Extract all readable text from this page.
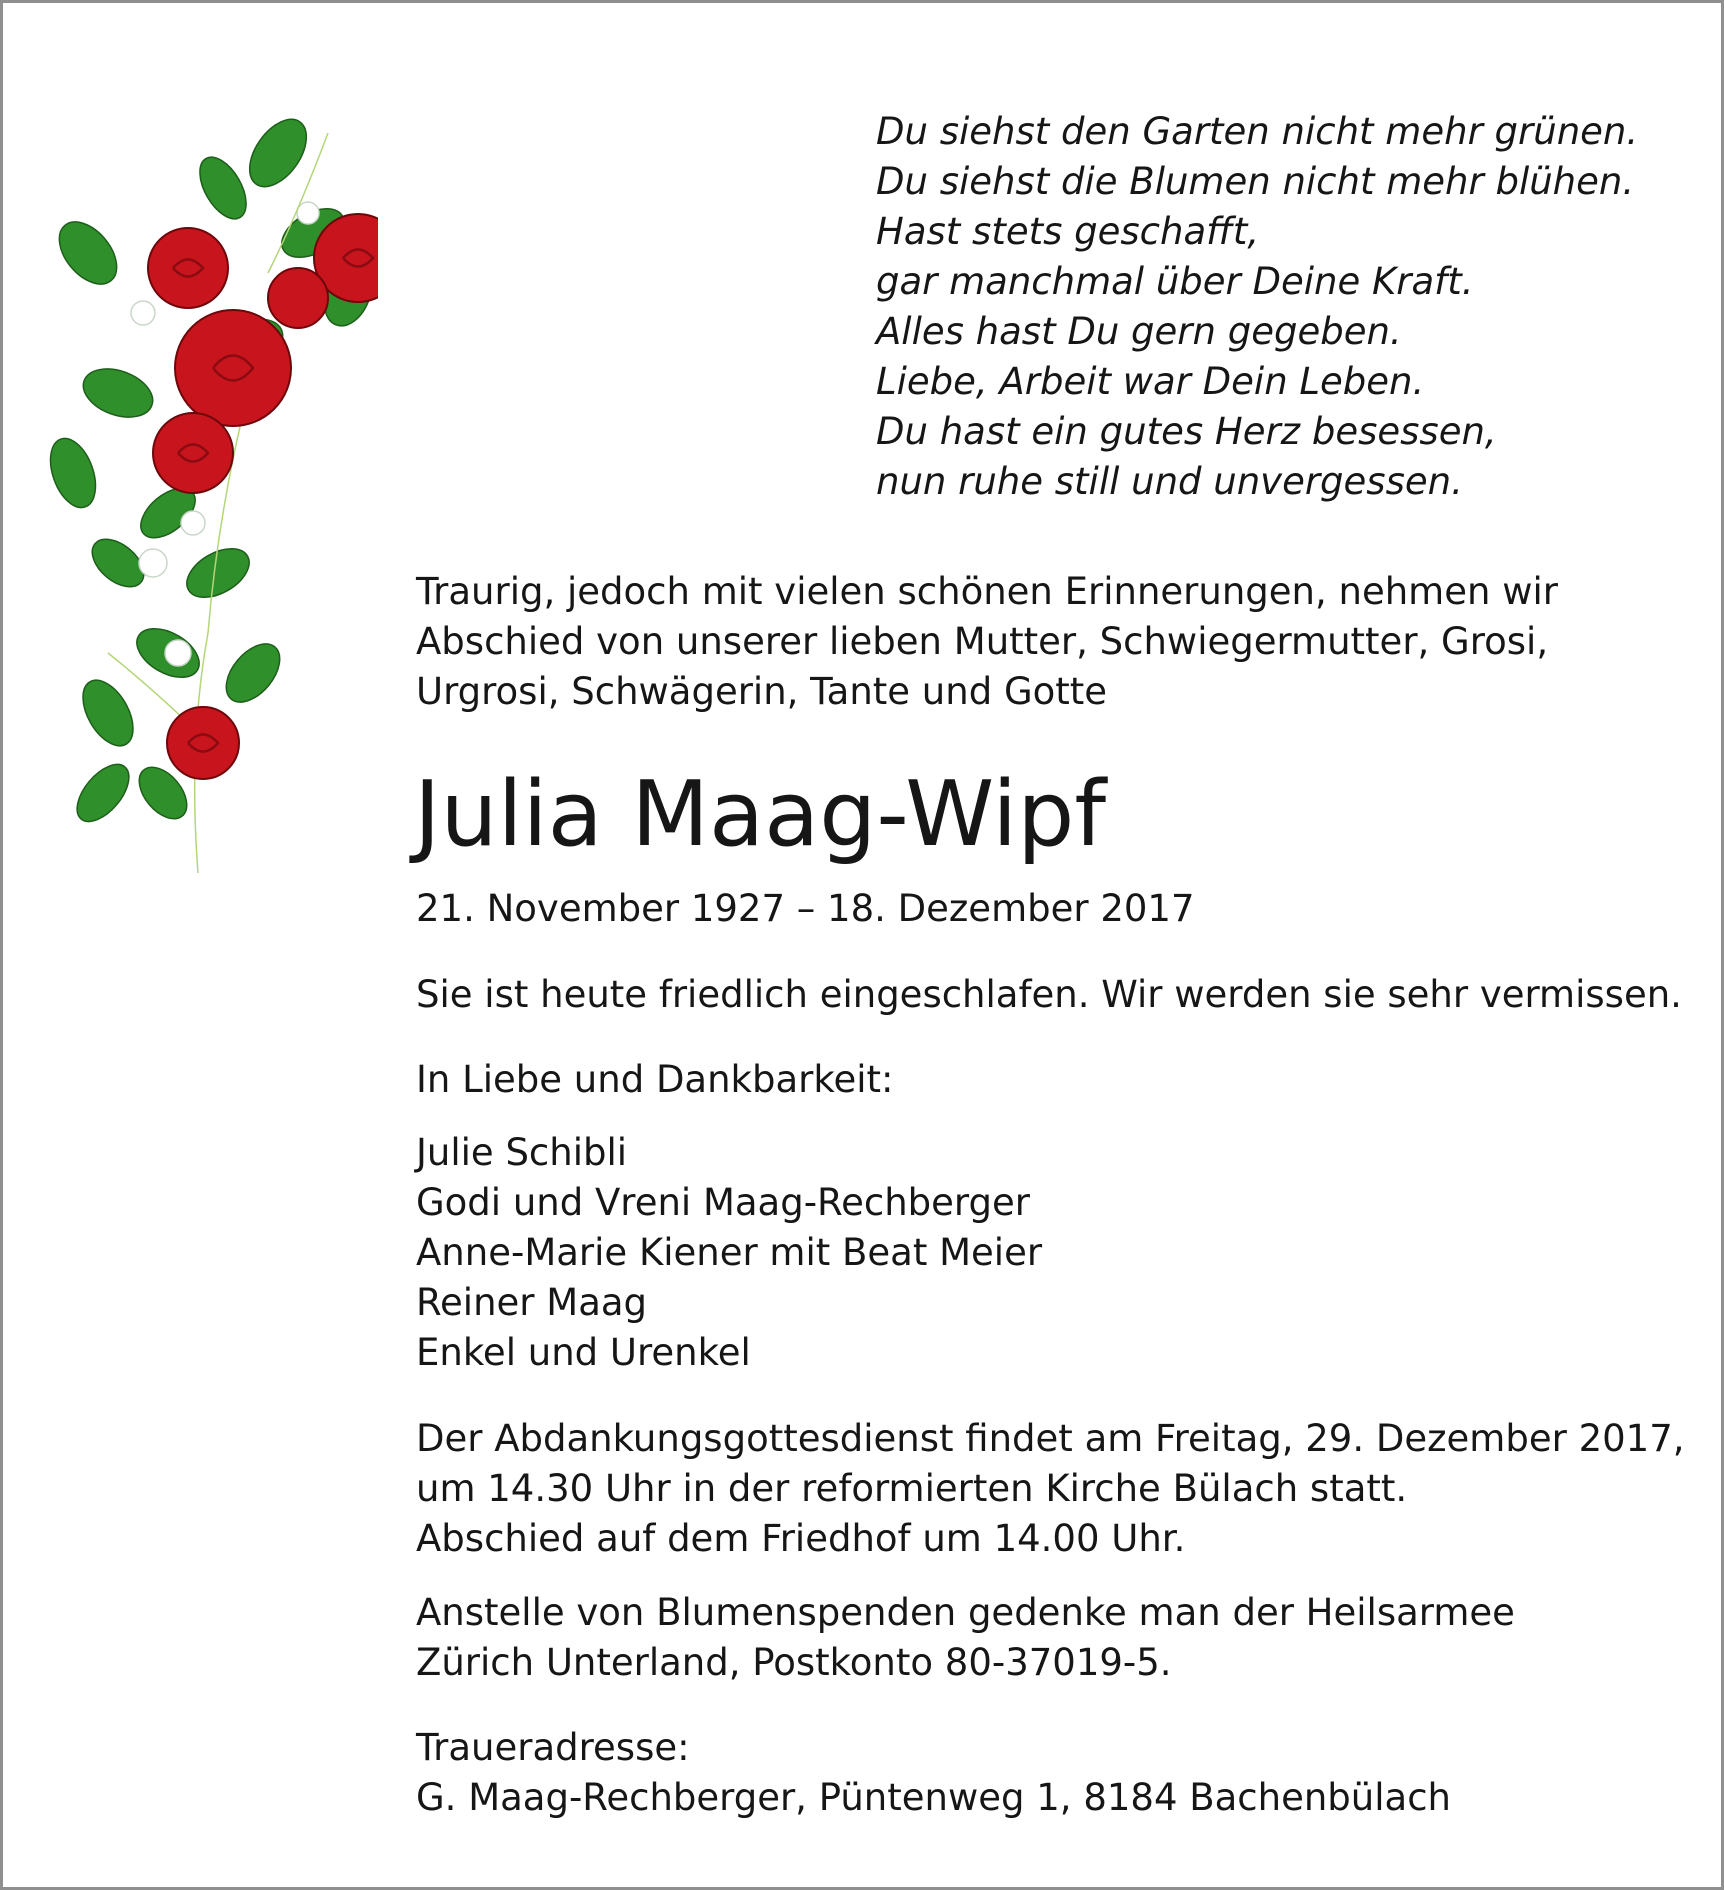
Du siehst den Garten nicht mehr grünen.
Du siehst die Blumen nicht mehr blühen.
Hast stets geschafft,
gar manchmal über Deine Kraft.
Alles hast Du gern gegeben.
Liebe, Arbeit war Dein Leben.
Du hast ein gutes Herz besessen,
nun ruhe still und unvergessen.
Traurig, jedoch mit vielen schönen Erinnerungen, nehmen wir
Abschied von unserer lieben Mutter, Schwiegermutter, Grosi,
Urgrosi, Schwägerin, Tante und Gotte
Julia Maag-Wipf
21. November 1927 – 18. Dezember 2017
Sie ist heute friedlich eingeschlafen. Wir werden sie sehr vermissen.
In Liebe und Dankbarkeit:
Julie Schibli
Godi und Vreni Maag-Rechberger
Anne-Marie Kiener mit Beat Meier
Reiner Maag
Enkel und Urenkel
Der Abdankungsgottesdienst findet am Freitag, 29. Dezember 2017,
um 14.30 Uhr in der reformierten Kirche Bülach statt.
Abschied auf dem Friedhof um 14.00 Uhr.
Anstelle von Blumenspenden gedenke man der Heilsarmee
Zürich Unterland, Postkonto 80-37019-5.
Traueradresse:
G. Maag-Rechberger, Püntenweg 1, 8184 Bachenbülach
